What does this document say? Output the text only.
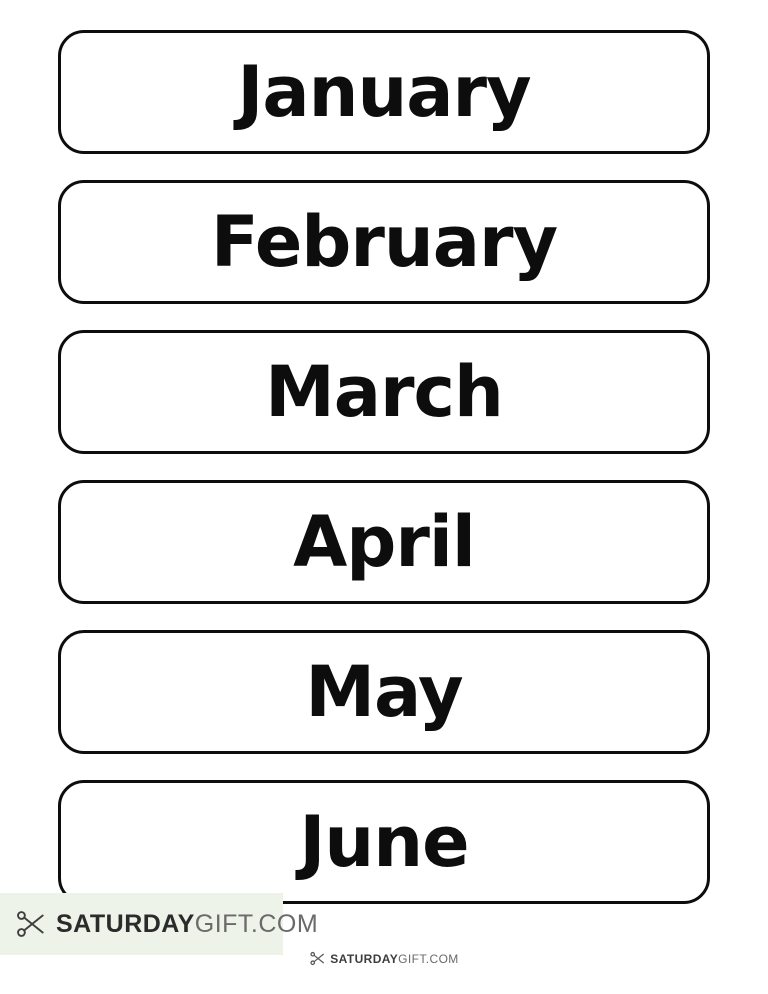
January
February
March
April
May
June
SATURDAYGIFT.COM
SATURDAYGIFT.COM
